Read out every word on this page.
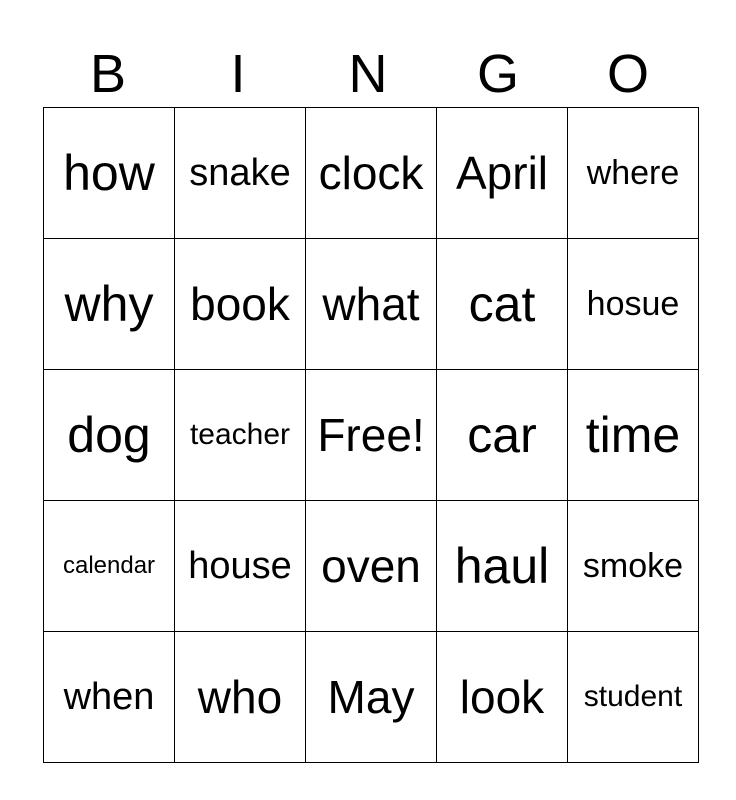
B	I	N	G	O
how	snake	clock	April	where
why	book	what	cat	hosue
dog	teacher	Free!	car	time
calendar	house	oven	haul	smoke
when	who	May	look	student
